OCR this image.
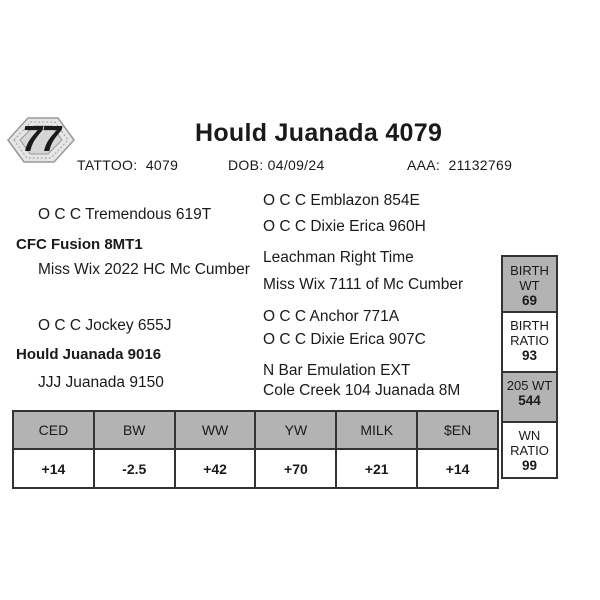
77	Hould Juanada 4079
TATTOO: 4079	DOB: 04/09/24	AAA: 21132769
O C C Tremendous 619T
CFC Fusion 8MT1
Miss Wix 2022 HC Mc Cumber
O C C Jockey 655J
Hould Juanada 9016
JJJ Juanada 9150
O C C Emblazon 854E
O C C Dixie Erica 960H
Leachman Right Time
Miss Wix 7111 of Mc Cumber
O C C Anchor 771A
O C C Dixie Erica 907C
N Bar Emulation EXT
Cole Creek 104 Juanada 8M
CED	BW	WW	YW	MILK	$EN
+14	-2.5	+42	+70	+21	+14
BIRTH WT
69
BIRTH
RATIO
93
205 WT
544
WN RATIO
99
